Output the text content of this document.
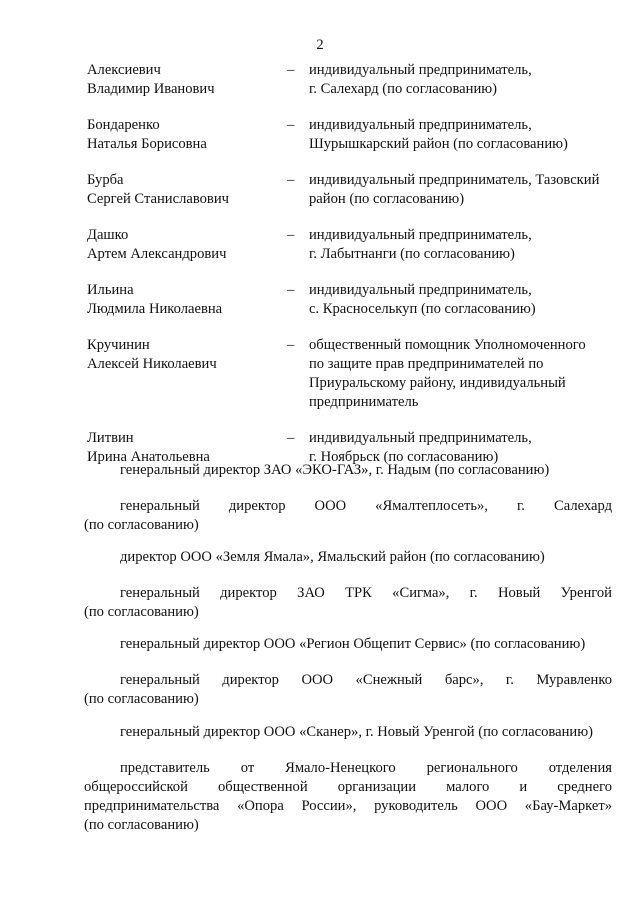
2
Алексиевич
Владимир Иванович
–	индивидуальный предприниматель,
г. Салехард (по согласованию)
Бондаренко
Наталья Борисовна
–	индивидуальный предприниматель,
Шурышкарский район (по согласованию)
Бурба
Сергей Станиславович
–	индивидуальный предприниматель, Тазовский
район (по согласованию)
Дашко
Артем Александрович
–	индивидуальный предприниматель,
г. Лабытнанги (по согласованию)
Ильина
Людмила Николаевна
–	индивидуальный предприниматель,
с. Красноселькуп (по согласованию)
Кручинин
Алексей Николаевич
–	общественный помощник Уполномоченного
по защите прав предпринимателей по
Приуральскому району, индивидуальный
предприниматель
Литвин
Ирина Анатольевна
–	индивидуальный предприниматель,
г. Ноябрьск (по согласованию)
генеральный директор ЗАО «ЭКО-ГАЗ», г. Надым (по согласованию)
генеральный директор ООО «Ямалтеплосеть», г. Салехард
(по согласованию)
директор ООО «Земля Ямала», Ямальский район (по согласованию)
генеральный директор ЗАО ТРК «Сигма», г. Новый Уренгой
(по согласованию)
генеральный директор ООО «Регион Общепит Сервис» (по согласованию)
генеральный директор ООО «Снежный барс», г. Муравленко
(по согласованию)
генеральный директор ООО «Сканер», г. Новый Уренгой (по согласованию)
представитель от Ямало-Ненецкого регионального отделения
общероссийской общественной организации малого и среднего
предпринимательства «Опора России», руководитель ООО «Бау-Маркет»
(по согласованию)
